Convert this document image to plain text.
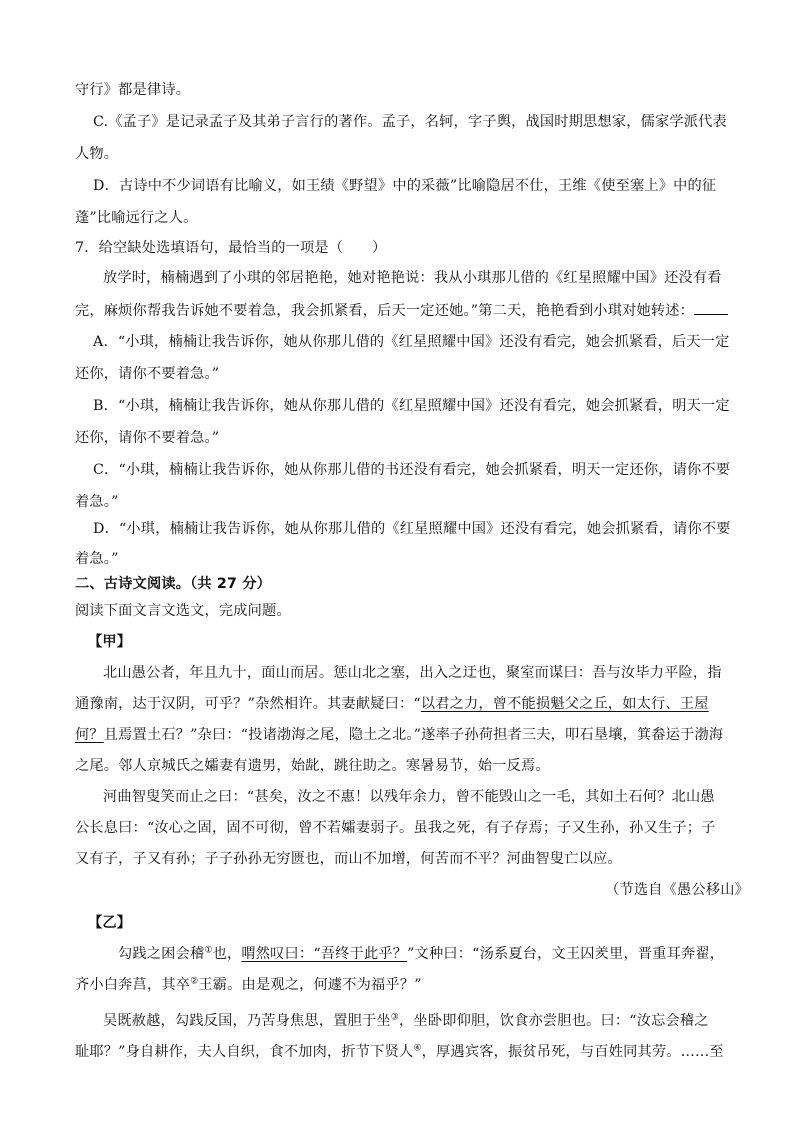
守行》都是律诗。
C.《孟子》是记录孟子及其弟子言行的著作。孟子，名轲，字子舆，战国时期思想家，儒家学派代表
人物。
D．古诗中不少词语有比喻义，如王绩《野望》中的采薇”比喻隐居不仕，王维《使至塞上》中的征
蓬”比喻远行之人。
7．给空缺处选填语句，最恰当的一项是（　　）
放学时，楠楠遇到了小琪的邻居艳艳，她对艳艳说：我从小琪那儿借的《红星照耀中国》还没有看
完，麻烦你帮我告诉她不要着急，我会抓紧看，后天一定还她。”第二天，艳艳看到小琪对她转述：
A．“小琪，楠楠让我告诉你，她从你那儿借的《红星照耀中国》还没有看完，她会抓紧看，后天一定
还你，请你不要着急。”
B．“小琪，楠楠让我告诉你，她从你那儿借的《红星照耀中国》还没有看完，她会抓紧看，明天一定
还你，请你不要着急。”
C．“小琪，楠楠让我告诉你，她从你那儿借的书还没有看完，她会抓紧看，明天一定还你，请你不要
着急。”
D．“小琪，楠楠让我告诉你，她从你那儿借的《红星照耀中国》还没有看完，她会抓紧看，请你不要
着急。”
二、古诗文阅读。（共 27 分）
阅读下面文言文选文，完成问题。
【甲】
北山愚公者，年且九十，面山而居。惩山北之塞，出入之迂也，聚室而谋曰：吾与汝毕力平险，指
通豫南，达于汉阴，可乎？”杂然相许。其妻献疑曰：“以君之力，曾不能损魁父之丘，如太行、王屋
何？且焉置土石？”杂曰：“投诸渤海之尾，隐土之北。”遂率子孙荷担者三夫，叩石垦壤，箕畚运于渤海
之尾。邻人京城氏之孀妻有遗男，始龀，跳往助之。寒暑易节，始一反焉。
河曲智叟笑而止之曰：“甚矣，汝之不惠！以残年余力，曾不能毁山之一毛，其如土石何？北山愚
公长息曰：“汝心之固，固不可彻，曾不若孀妻弱子。虽我之死，有子存焉；子又生孙，孙又生子；子
又有子，子又有孙；子子孙孙无穷匮也，而山不加增，何苦而不平？河曲智叟亡以应。
（节选自《愚公移山》
【乙】
勾践之困会稽①也，喟然叹曰：“吾终于此乎？”文种曰：“汤系夏台，文王囚羑里，晋重耳奔翟，
齐小白奔莒，其卒②王霸。由是观之，何遽不为福乎？”
吴既赦越，勾践反国，乃苦身焦思，置胆于坐③，坐卧即仰胆，饮食亦尝胆也。曰：“汝忘会稽之
耻耶？”身自耕作，夫人自织，食不加肉，折节下贤人④，厚遇宾客，振贫吊死，与百姓同其劳。……至
